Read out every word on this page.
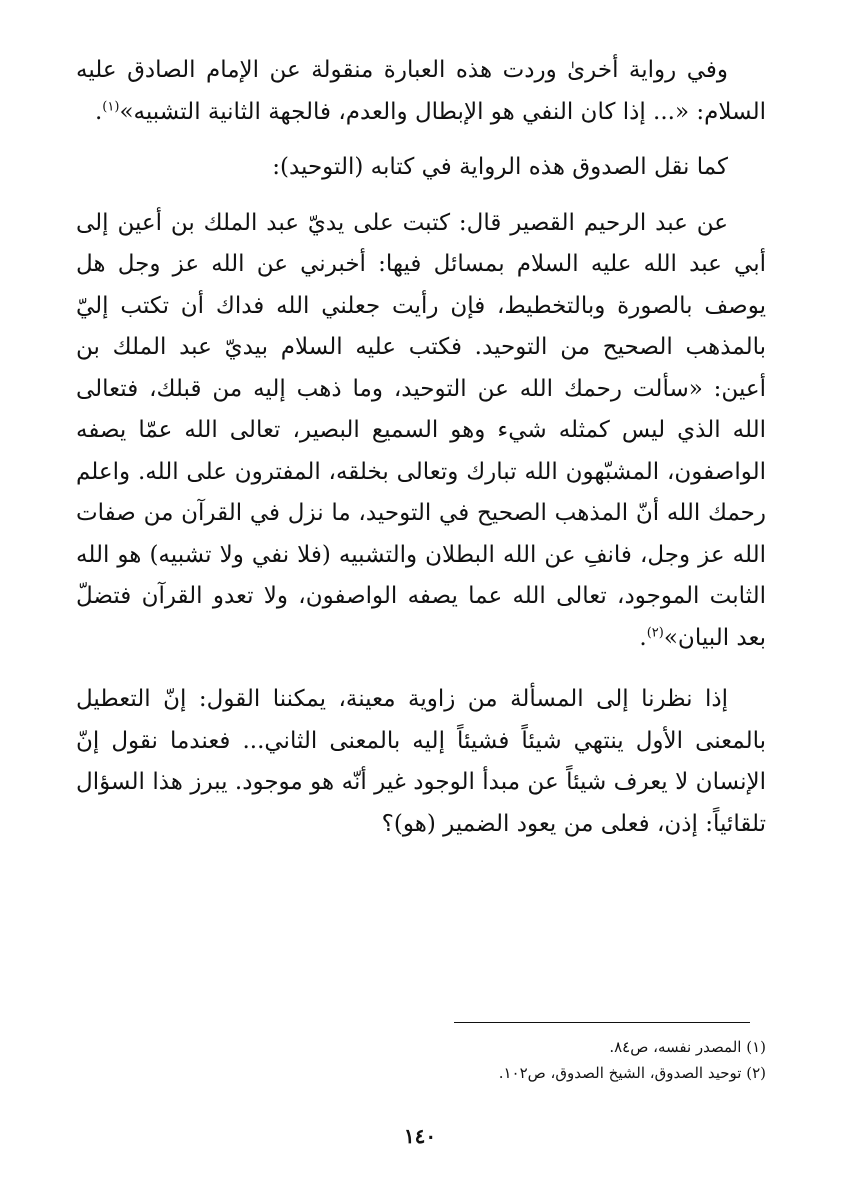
وفي رواية أخرىٰ وردت هذه العبارة منقولة عن الإمام الصادق عليه السلام: «... إذا كان النفي هو الإبطال والعدم، فالجهة الثانية التشبيه»$^{(١)}$.

كما نقل الصدوق هذه الرواية في كتابه (التوحيد):

عن عبد الرحيم القصير قال: كتبت على يديّ عبد الملك بن أعين إلى أبي عبد الله عليه السلام بمسائل فيها: أخبرني عن الله عز وجل هل يوصف بالصورة وبالتخطيط، فإن رأيت جعلني الله فداك أن تكتب إليّ بالمذهب الصحيح من التوحيد. فكتب عليه السلام بيديّ عبد الملك بن أعين: «سألت رحمك الله عن التوحيد، وما ذهب إليه من قبلك، فتعالى الله الذي ليس كمثله شيء وهو السميع البصير، تعالى الله عمّا يصفه الواصفون، المشبّهون الله تبارك وتعالى بخلقه، المفترون على الله. واعلم رحمك الله أنّ المذهب الصحيح في التوحيد، ما نزل في القرآن من صفات الله عز وجل، فانفِ عن الله البطلان والتشبيه (فلا نفي ولا تشبيه) هو الله الثابت الموجود، تعالى الله عما يصفه الواصفون، ولا تعدو القرآن فتضلّ بعد البيان»$^{(٢)}$.

إذا نظرنا إلى المسألة من زاوية معينة، يمكننا القول: إنّ التعطيل بالمعنى الأول ينتهي شيئاً فشيئاً إليه بالمعنى الثاني... فعندما نقول إنّ الإنسان لا يعرف شيئاً عن مبدأ الوجود غير أنّه هو موجود. يبرز هذا السؤال تلقائياً: إذن، فعلى من يعود الضمير (هو)؟

(١) المصدر نفسه، ص٨٤.

(٢) توحيد الصدوق، الشيخ الصدوق، ص١٠٢.

١٤٠
